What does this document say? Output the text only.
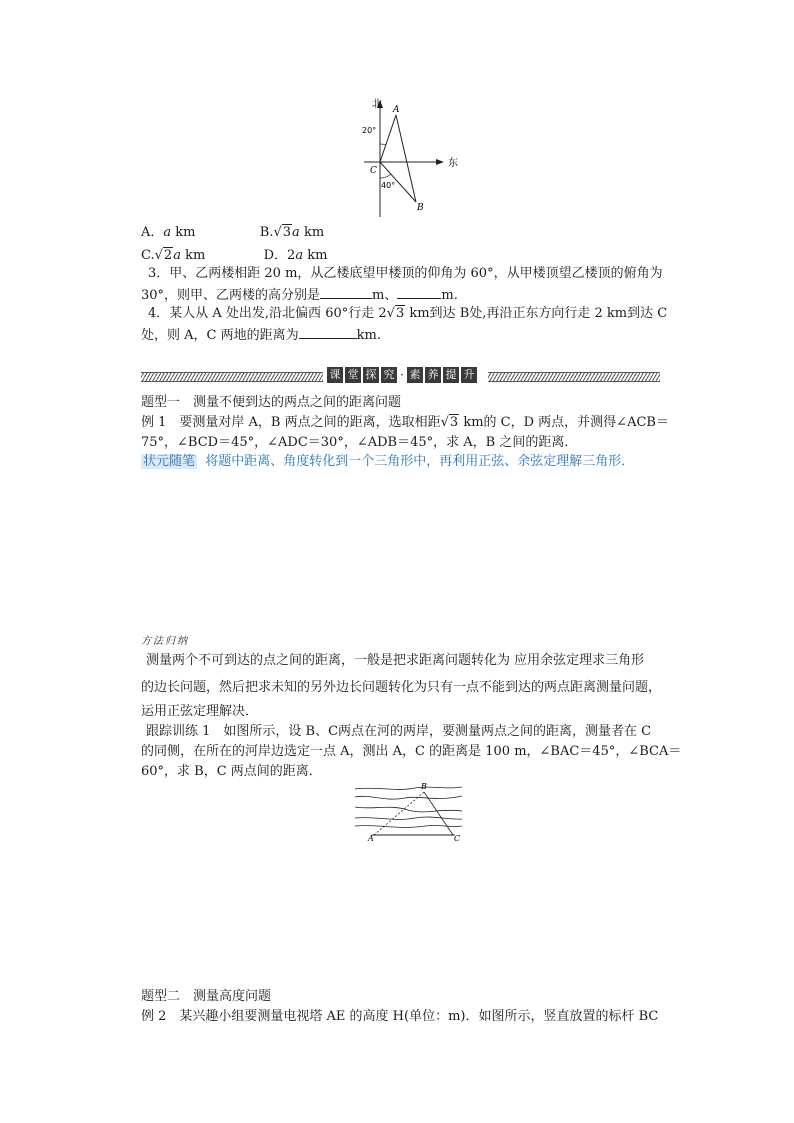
北
东
20°
40°
A
B
C
A．a km	B.√3a km
C.√2a km	D．2a km
3．甲、乙两楼相距 20 m，从乙楼底望甲楼顶的仰角为 60°，从甲楼顶望乙楼顶的俯角为
30°，则甲、乙两楼的高分别是	m、	m.
4．某人从 A 处出发,沿北偏西 60°行走 2√3 km到达 B处,再沿正东方向行走 2 km到达 C
处，则 A，C 两地的距离为	km.
课 堂 探 究 · 素 养 提 升
题型一　测量不便到达的两点之间的距离问题
例 1　要测量对岸 A，B 两点之间的距离，选取相距√3 km的 C，D 两点，并测得∠ACB＝
75°，∠BCD＝45°，∠ADC＝30°，∠ADB＝45°，求 A，B 之间的距离．
状元随笔 将题中距离、角度转化到一个三角形中，再利用正弦、余弦定理解三角形．
方法归纳
测量两个不可到达的点之间的距离，一般是把求距离问题转化为 应用余弦定理求三角形
的边长问题，然后把求未知的另外边长问题转化为只有一点不能到达的两点距离测量问题，
运用正弦定理解决．
跟踪训练 1　如图所示，设 B、C两点在河的两岸，要测量两点之间的距离，测量者在 C
的同侧，在所在的河岸边选定一点 A，测出 A，C 的距离是 100 m，∠BAC＝45°，∠BCA＝
60°，求 B，C 两点间的距离．
A
B
C
题型二　测量高度问题
例 2　某兴趣小组要测量电视塔 AE 的高度 H(单位：m)．如图所示，竖直放置的标杆 BC
